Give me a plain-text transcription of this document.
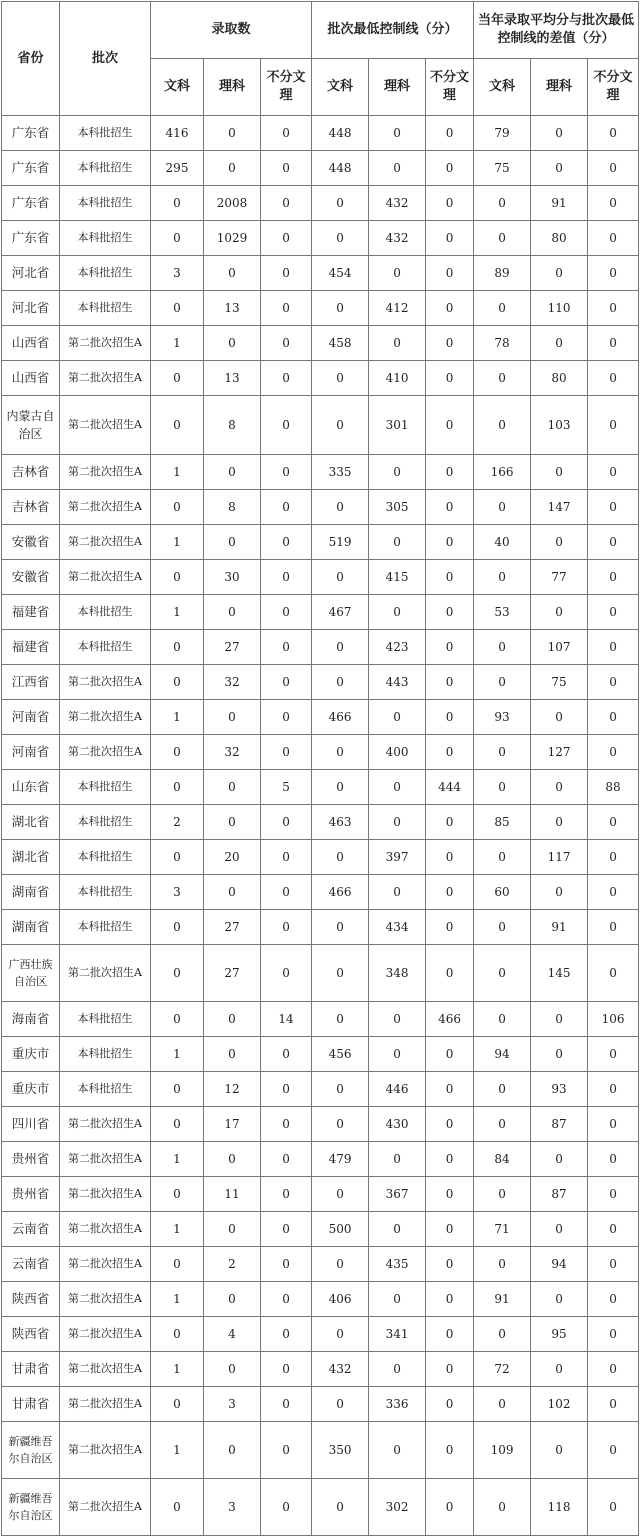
省份	批次	录取数			批次最低控制线（分）			当年录取平均分与批次最低控制线的差值（分）		
		文科	理科	不分文理	文科	理科	不分文理	文科	理科	不分文理
广东省	本科批招生	416	0	0	448	0	0	79	0	0
广东省	本科批招生	295	0	0	448	0	0	75	0	0
广东省	本科批招生	0	2008	0	0	432	0	0	91	0
广东省	本科批招生	0	1029	0	0	432	0	0	80	0
河北省	本科批招生	3	0	0	454	0	0	89	0	0
河北省	本科批招生	0	13	0	0	412	0	0	110	0
山西省	第二批次招生A	1	0	0	458	0	0	78	0	0
山西省	第二批次招生A	0	13	0	0	410	0	0	80	0
内蒙古自治区	第二批次招生A	0	8	0	0	301	0	0	103	0
吉林省	第二批次招生A	1	0	0	335	0	0	166	0	0
吉林省	第二批次招生A	0	8	0	0	305	0	0	147	0
安徽省	第二批次招生A	1	0	0	519	0	0	40	0	0
安徽省	第二批次招生A	0	30	0	0	415	0	0	77	0
福建省	本科批招生	1	0	0	467	0	0	53	0	0
福建省	本科批招生	0	27	0	0	423	0	0	107	0
江西省	第二批次招生A	0	32	0	0	443	0	0	75	0
河南省	第二批次招生A	1	0	0	466	0	0	93	0	0
河南省	第二批次招生A	0	32	0	0	400	0	0	127	0
山东省	本科批招生	0	0	5	0	0	444	0	0	88
湖北省	本科批招生	2	0	0	463	0	0	85	0	0
湖北省	本科批招生	0	20	0	0	397	0	0	117	0
湖南省	本科批招生	3	0	0	466	0	0	60	0	0
湖南省	本科批招生	0	27	0	0	434	0	0	91	0
广西壮族自治区	第二批次招生A	0	27	0	0	348	0	0	145	0
海南省	本科批招生	0	0	14	0	0	466	0	0	106
重庆市	本科批招生	1	0	0	456	0	0	94	0	0
重庆市	本科批招生	0	12	0	0	446	0	0	93	0
四川省	第二批次招生A	0	17	0	0	430	0	0	87	0
贵州省	第二批次招生A	1	0	0	479	0	0	84	0	0
贵州省	第二批次招生A	0	11	0	0	367	0	0	87	0
云南省	第二批次招生A	1	0	0	500	0	0	71	0	0
云南省	第二批次招生A	0	2	0	0	435	0	0	94	0
陕西省	第二批次招生A	1	0	0	406	0	0	91	0	0
陕西省	第二批次招生A	0	4	0	0	341	0	0	95	0
甘肃省	第二批次招生A	1	0	0	432	0	0	72	0	0
甘肃省	第二批次招生A	0	3	0	0	336	0	0	102	0
新疆维吾尔自治区	第二批次招生A	1	0	0	350	0	0	109	0	0
新疆维吾尔自治区	第二批次招生A	0	3	0	0	302	0	0	118	0
